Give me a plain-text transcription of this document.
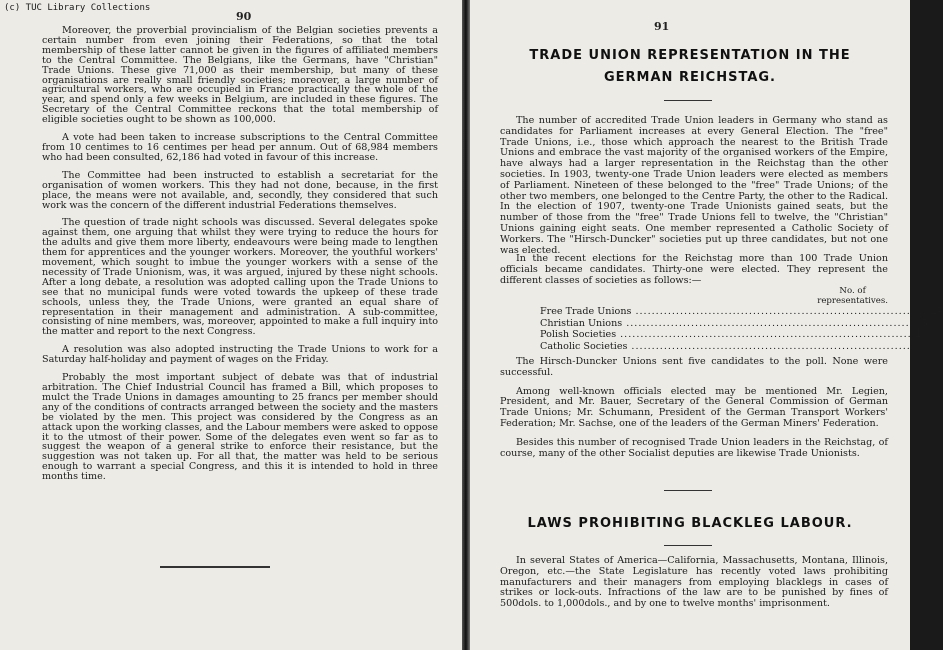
(c) TUC Library Collections
90

Moreover, the proverbial provincialism of the Belgian societies prevents a certain number from even joining their Federations, so that the total membership of these latter cannot be given in the figures of affiliated members to the Central Committee. The Belgians, like the Germans, have "Christian" Trade Unions. These give 71,000 as their membership, but many of these organisations are really small friendly societies; moreover, a large number of agricultural workers, who are occupied in France practically the whole of the year, and spend only a few weeks in Belgium, are included in these figures. The Secretary of the Central Committee reckons that the total membership of eligible societies ought to be shown as 100,000.

A vote had been taken to increase subscriptions to the Central Committee from 10 centimes to 16 centimes per head per annum. Out of 68,984 members who had been consulted, 62,186 had voted in favour of this increase.

The Committee had been instructed to establish a secretariat for the organisation of women workers. This they had not done, because, in the first place, the means were not available, and, secondly, they considered that such work was the concern of the different industrial Federations themselves.

The question of trade night schools was discussed. Several delegates spoke against them, one arguing that whilst they were trying to reduce the hours for the adults and give them more liberty, endeavours were being made to lengthen them for apprentices and the younger workers. Moreover, the youthful workers' movement, which sought to imbue the younger workers with a sense of the necessity of Trade Unionism, was, it was argued, injured by these night schools. After a long debate, a resolution was adopted calling upon the Trade Unions to see that no municipal funds were voted towards the upkeep of these trade schools, unless they, the Trade Unions, were granted an equal share of representation in their management and administration. A sub-committee, consisting of nine members, was, moreover, appointed to make a full inquiry into the matter and report to the next Congress.

A resolution was also adopted instructing the Trade Unions to work for a Saturday half-holiday and payment of wages on the Friday.

Probably the most important subject of debate was that of industrial arbitration. The Chief Industrial Council has framed a Bill, which proposes to mulct the Trade Unions in damages amounting to 25 francs per member should any of the conditions of contracts arranged between the society and the masters be violated by the men. This project was considered by the Congress as an attack upon the working classes, and the Labour members were asked to oppose it to the utmost of their power. Some of the delegates even went so far as to suggest the weapon of a general strike to enforce their resistance, but the suggestion was not taken up. For all that, the matter was held to be serious enough to warrant a special Congress, and this it is intended to hold in three months time.

91
TRADE UNION REPRESENTATION IN THE
GERMAN REICHSTAG.

The number of accredited Trade Union leaders in Germany who stand as candidates for Parliament increases at every General Election. The "free" Trade Unions, i.e., those which approach the nearest to the British Trade Unions and embrace the vast majority of the organised workers of the Empire, have always had a larger representation in the Reichstag than the other societies. In 1903, twenty-one Trade Union leaders were elected as members of Parliament. Nineteen of these belonged to the "free" Trade Unions; of the other two members, one belonged to the Centre Party, the other to the Radical. In the election of 1907, twenty-one Trade Unionists gained seats, but the number of those from the "free" Trade Unions fell to twelve, the "Christian" Unions gaining eight seats. One member represented a Catholic Society of Workers. The "Hirsch-Duncker" societies put up three candidates, but not one was elected.

In the recent elections for the Reichstag more than 100 Trade Union officials became candidates. Thirty-one were elected. They represent the different classes of societies as follows:—

No. of
representatives.
Free Trade Unions ........................................................................ 24
Christian Unions ........................................................................ 5
Polish Societies ........................................................................ 1
Catholic Societies ........................................................................ 1

The Hirsch-Duncker Unions sent five candidates to the poll. None were successful.

Among well-known officials elected may be mentioned Mr. Legien, President, and Mr. Bauer, Secretary of the General Commission of German Trade Unions; Mr. Schumann, President of the German Transport Workers' Federation; Mr. Sachse, one of the leaders of the German Miners' Federation.

Besides this number of recognised Trade Union leaders in the Reichstag, of course, many of the other Socialist deputies are likewise Trade Unionists.

LAWS PROHIBITING BLACKLEG LABOUR.

In several States of America—California, Massachusetts, Montana, Illinois, Oregon, etc.—the State Legislature has recently voted laws prohibiting manufacturers and their managers from employing blacklegs in cases of strikes or lock-outs. Infractions of the law are to be punished by fines of 500dols. to 1,000dols., and by one to twelve months' imprisonment.
